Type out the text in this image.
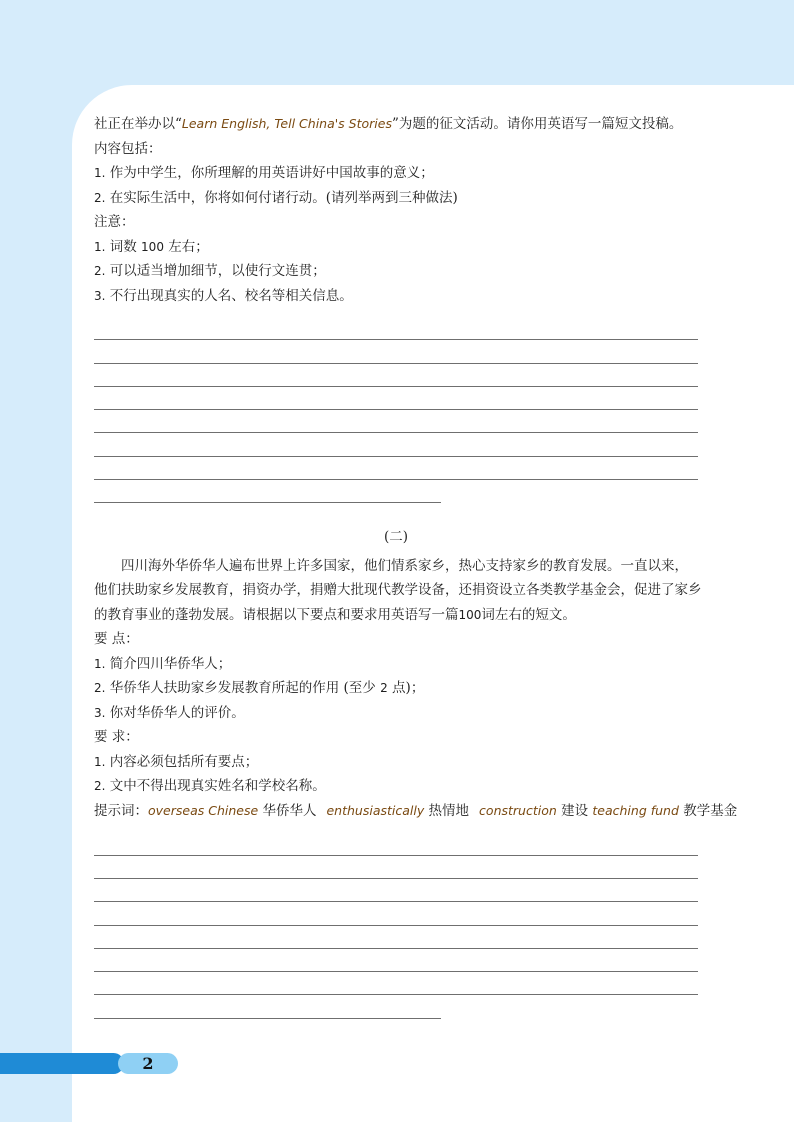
社正在举办以“Learn English, Tell China's Stories”为题的征文活动。请你用英语写一篇短文投稿。
内容包括：
1. 作为中学生，你所理解的用英语讲好中国故事的意义；
2. 在实际生活中，你将如何付诸行动。(请列举两到三种做法)
注意：
1. 词数 100 左右；
2. 可以适当增加细节，以使行文连贯；
3. 不行出现真实的人名、校名等相关信息。
(二)
四川海外华侨华人遍布世界上许多国家，他们情系家乡，热心支持家乡的教育发展。一直以来，
他们扶助家乡发展教育，捐资办学，捐赠大批现代教学设备，还捐资设立各类教学基金会，促进了家乡
的教育事业的蓬勃发展。请根据以下要点和要求用英语写一篇100词左右的短文。
要 点：
1. 简介四川华侨华人；
2. 华侨华人扶助家乡发展教育所起的作用 (至少 2 点)；
3. 你对华侨华人的评价。
要 求：
1. 内容必须包括所有要点；
2. 文中不得出现真实姓名和学校名称。
提示词：overseas Chinese 华侨华人 enthusiastically 热情地 construction 建设 teaching fund 教学基金
2
